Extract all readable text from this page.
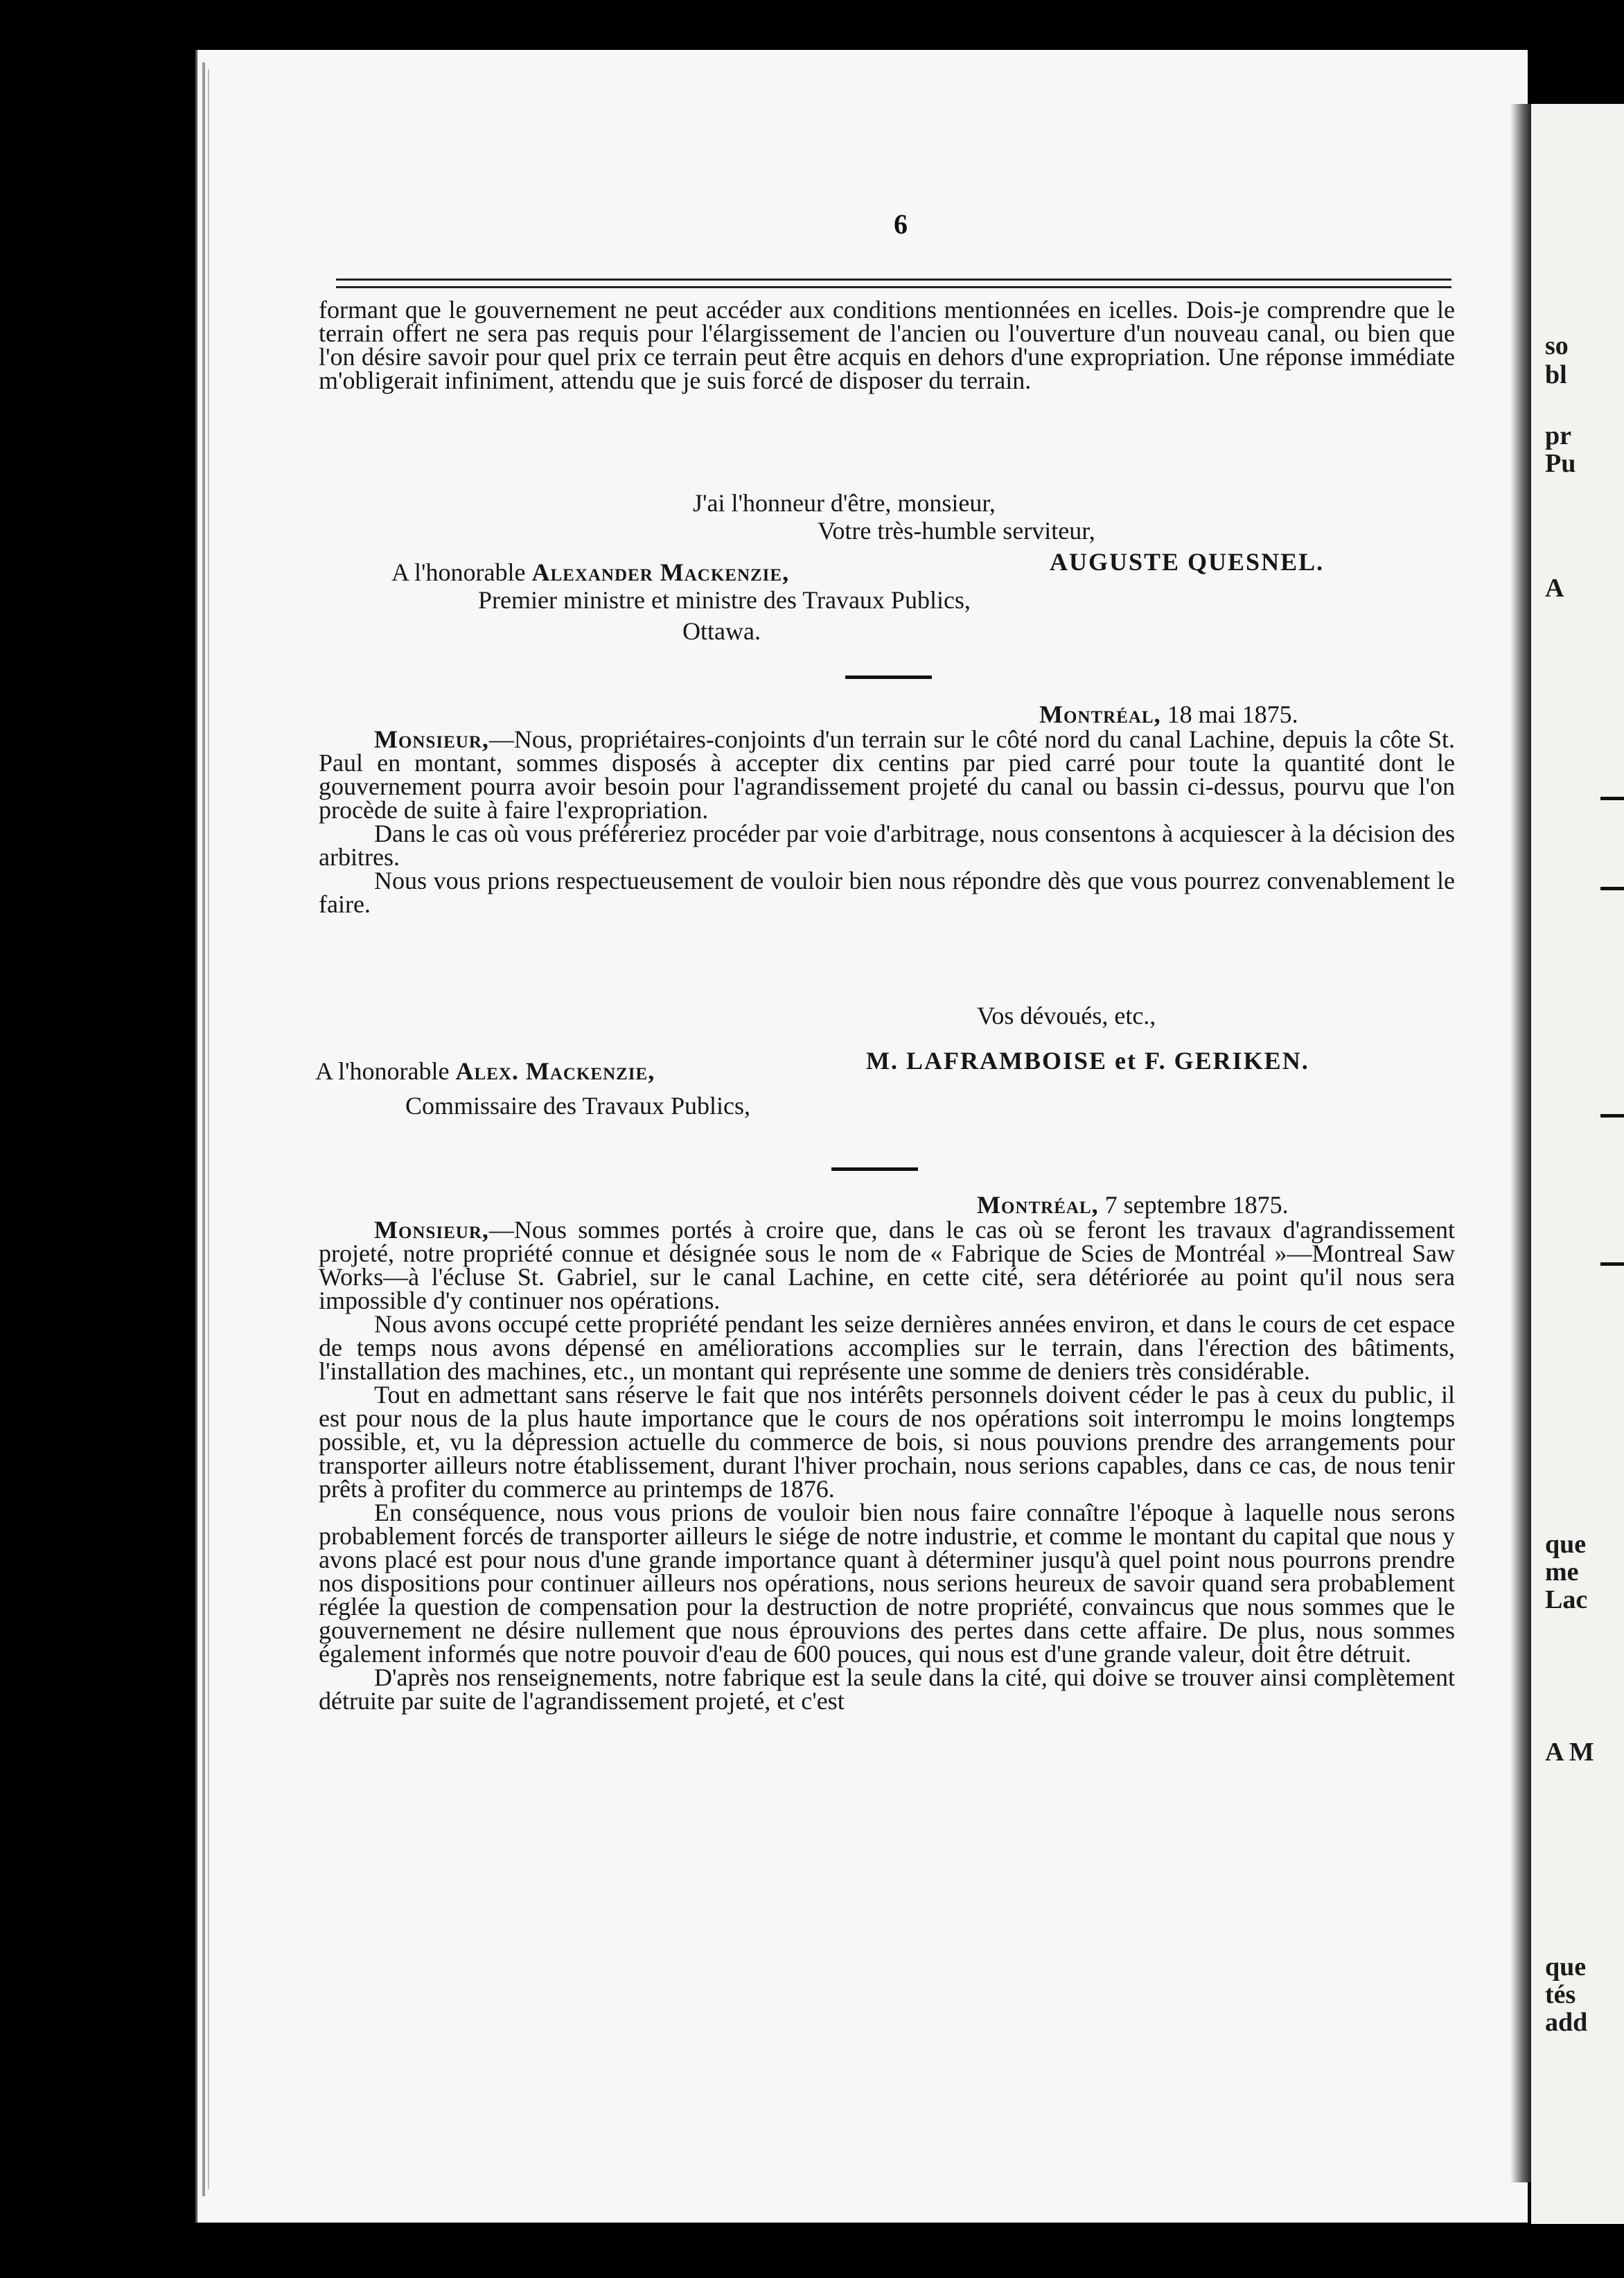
so
bl
pr
Pu
A
que
me
Lac
A M
que
tés
add
6

formant que le gouvernement ne peut accéder aux conditions mentionnées en icelles. Dois-je comprendre que le terrain offert ne sera pas requis pour l'élargissement de l'ancien ou l'ouverture d'un nouveau canal, ou bien que l'on désire savoir pour quel prix ce terrain peut être acquis en dehors d'une expropriation. Une réponse immédiate m'obligerait infiniment, attendu que je suis forcé de disposer du terrain.

J'ai l'honneur d'être, monsieur,
Votre très-humble serviteur,
AUGUSTE QUESNEL.
A l'honorable Alexander Mackenzie,
Premier ministre et ministre des Travaux Publics,
Ottawa.
Montréal, 18 mai 1875.

Monsieur,—Nous, propriétaires-conjoints d'un terrain sur le côté nord du canal Lachine, depuis la côte St. Paul en montant, sommes disposés à accepter dix centins par pied carré pour toute la quantité dont le gouvernement pourra avoir besoin pour l'agrandissement projeté du canal ou bassin ci-dessus, pourvu que l'on procède de suite à faire l'expropriation.

Dans le cas où vous préféreriez procéder par voie d'arbitrage, nous consentons à acquiescer à la décision des arbitres.

Nous vous prions respectueusement de vouloir bien nous répondre dès que vous pourrez convenablement le faire.

Vos dévoués, etc.,
M. LAFRAMBOISE et F. GERIKEN.
A l'honorable Alex. Mackenzie,
Commissaire des Travaux Publics,
Montréal, 7 septembre 1875.

Monsieur,—Nous sommes portés à croire que, dans le cas où se feront les travaux d'agrandissement projeté, notre propriété connue et désignée sous le nom de « Fabrique de Scies de Montréal »—Montreal Saw Works—à l'écluse St. Gabriel, sur le canal Lachine, en cette cité, sera détériorée au point qu'il nous sera impossible d'y continuer nos opérations.

Nous avons occupé cette propriété pendant les seize dernières années environ, et dans le cours de cet espace de temps nous avons dépensé en améliorations accomplies sur le terrain, dans l'érection des bâtiments, l'installation des machines, etc., un montant qui représente une somme de deniers très considérable.

Tout en admettant sans réserve le fait que nos intérêts personnels doivent céder le pas à ceux du public, il est pour nous de la plus haute importance que le cours de nos opérations soit interrompu le moins longtemps possible, et, vu la dépression actuelle du commerce de bois, si nous pouvions prendre des arrangements pour transporter ailleurs notre établissement, durant l'hiver prochain, nous serions capables, dans ce cas, de nous tenir prêts à profiter du commerce au printemps de 1876.

En conséquence, nous vous prions de vouloir bien nous faire connaître l'époque à laquelle nous serons probablement forcés de transporter ailleurs le siége de notre industrie, et comme le montant du capital que nous y avons placé est pour nous d'une grande importance quant à déterminer jusqu'à quel point nous pourrons prendre nos dispositions pour continuer ailleurs nos opérations, nous serions heureux de savoir quand sera probablement réglée la question de compensation pour la destruction de notre propriété, convaincus que nous sommes que le gouvernement ne désire nullement que nous éprouvions des pertes dans cette affaire. De plus, nous sommes également informés que notre pouvoir d'eau de 600 pouces, qui nous est d'une grande valeur, doit être détruit.

D'après nos renseignements, notre fabrique est la seule dans la cité, qui doive se trouver ainsi complètement détruite par suite de l'agrandissement projeté, et c'est
